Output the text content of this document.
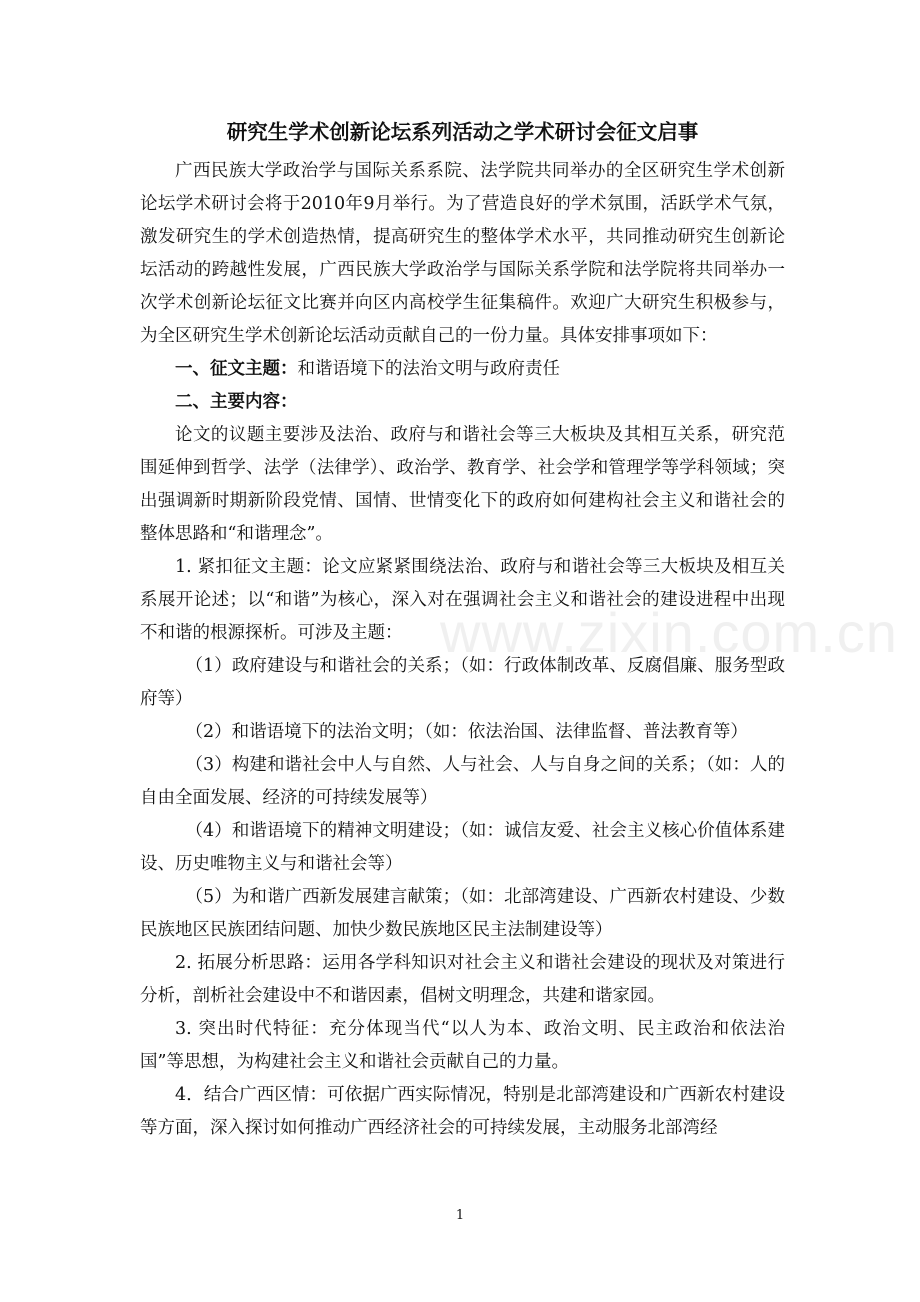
www.zixin.com.cn
研究生学术创新论坛系列活动之学术研讨会征文启事

广西民族大学政治学与国际关系系院、法学院共同举办的全区研究生学术创新论坛学术研讨会将于2010年9月举行。为了营造良好的学术氛围，活跃学术气氛，激发研究生的学术创造热情，提高研究生的整体学术水平，共同推动研究生创新论坛活动的跨越性发展，广西民族大学政治学与国际关系学院和法学院将共同举办一次学术创新论坛征文比赛并向区内高校学生征集稿件。欢迎广大研究生积极参与，为全区研究生学术创新论坛活动贡献自己的一份力量。具体安排事项如下：

一、征文主题：和谐语境下的法治文明与政府责任

二、主要内容：

论文的议题主要涉及法治、政府与和谐社会等三大板块及其相互关系，研究范围延伸到哲学、法学（法律学）、政治学、教育学、社会学和管理学等学科领域；突出强调新时期新阶段党情、国情、世情变化下的政府如何建构社会主义和谐社会的整体思路和“和谐理念”。

1. 紧扣征文主题：论文应紧紧围绕法治、政府与和谐社会等三大板块及相互关系展开论述；以“和谐”为核心，深入对在强调社会主义和谐社会的建设进程中出现不和谐的根源探析。可涉及主题：

（1）政府建设与和谐社会的关系；（如：行政体制改革、反腐倡廉、服务型政府等）

（2）和谐语境下的法治文明；（如：依法治国、法律监督、普法教育等）

（3）构建和谐社会中人与自然、人与社会、人与自身之间的关系；（如：人的自由全面发展、经济的可持续发展等）

（4）和谐语境下的精神文明建设；（如：诚信友爱、社会主义核心价值体系建设、历史唯物主义与和谐社会等）

（5）为和谐广西新发展建言献策；（如：北部湾建设、广西新农村建设、少数民族地区民族团结问题、加快少数民族地区民主法制建设等）

2. 拓展分析思路：运用各学科知识对社会主义和谐社会建设的现状及对策进行分析，剖析社会建设中不和谐因素，倡树文明理念，共建和谐家园。

3. 突出时代特征：充分体现当代“以人为本、政治文明、民主政治和依法治国”等思想，为构建社会主义和谐社会贡献自己的力量。

4．结合广西区情：可依据广西实际情况，特别是北部湾建设和广西新农村建设等方面，深入探讨如何推动广西经济社会的可持续发展，主动服务北部湾经

1
